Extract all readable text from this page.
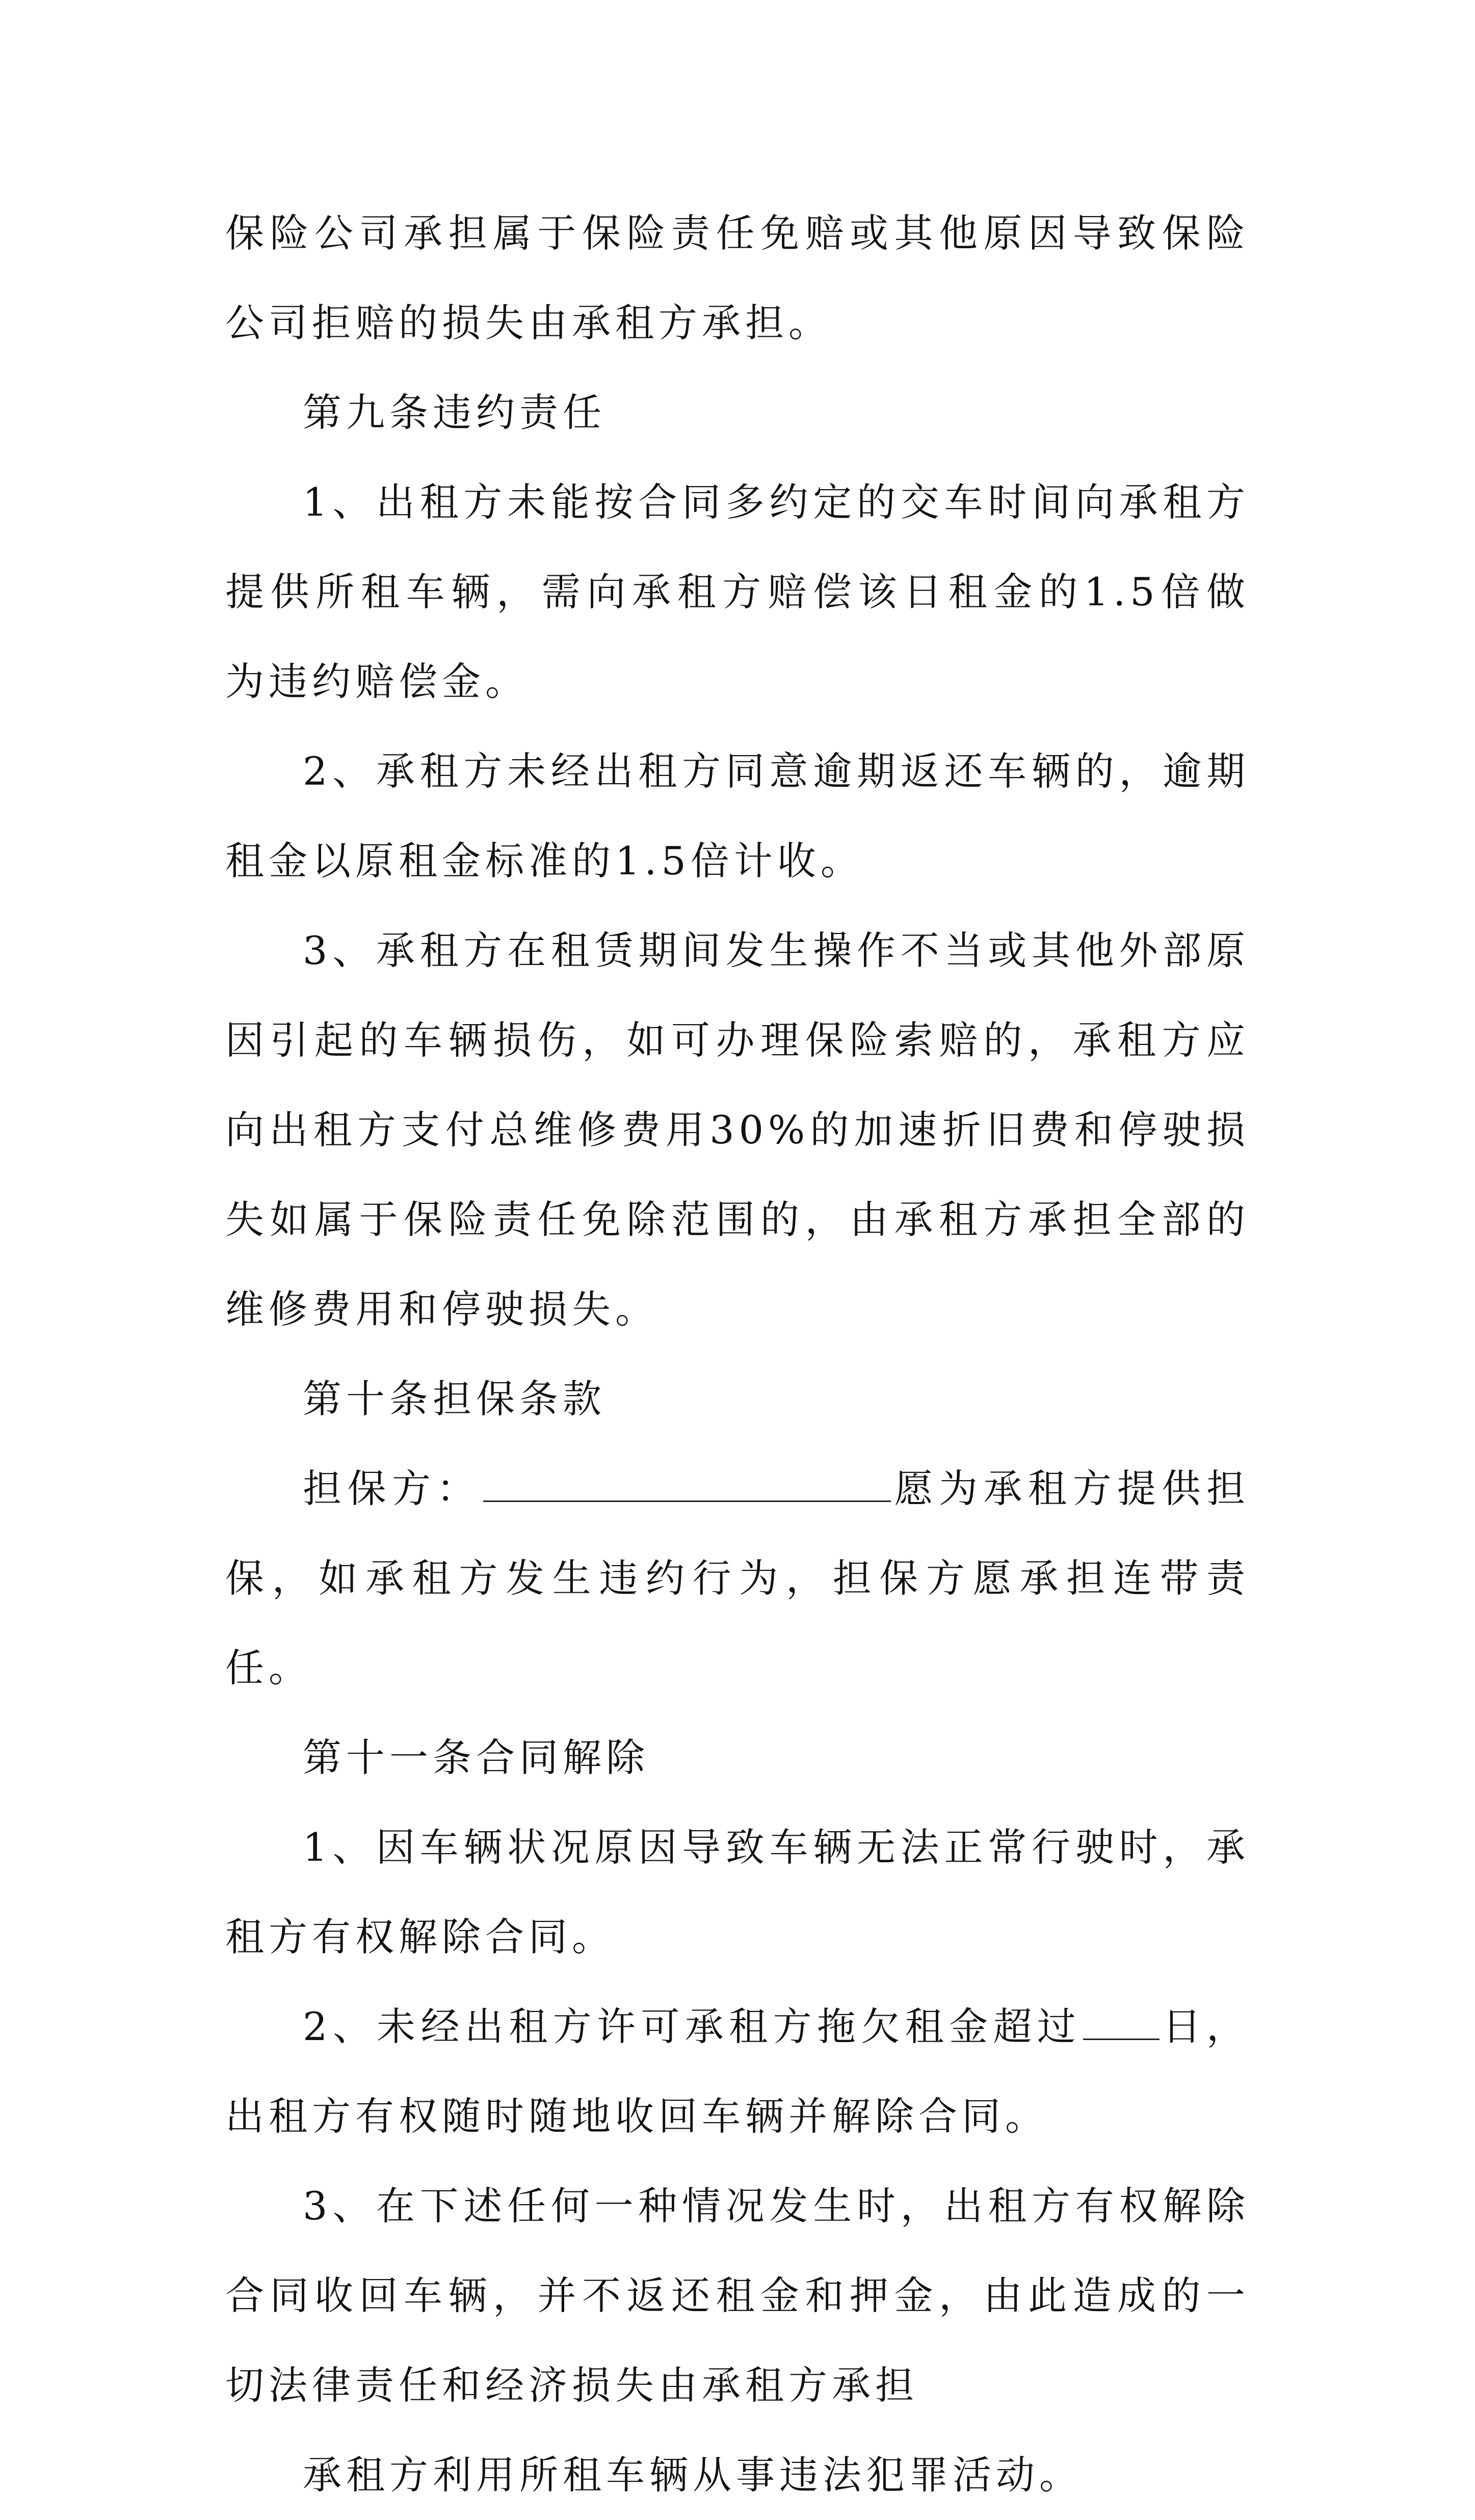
保险公司承担属于保险责任免赔或其他原因导致保险公司拒赔的损失由承租方承担。

第九条违约责任

1、出租方未能按合同多约定的交车时间向承租方提供所租车辆，需向承租方赔偿该日租金的1.5倍做为违约赔偿金。

2、承租方未经出租方同意逾期返还车辆的，逾期租金以原租金标准的1.5倍计收。

3、承租方在租赁期间发生操作不当或其他外部原因引起的车辆损伤，如可办理保险索赔的，承租方应向出租方支付总维修费用30%的加速折旧费和停驶损失如属于保险责任免除范围的，由承租方承担全部的维修费用和停驶损失。

第十条担保条款

担保方：	愿为承租方提供担保，如承租方发生违约行为，担保方愿承担连带责任。

第十一条合同解除

1、因车辆状况原因导致车辆无法正常行驶时，承租方有权解除合同。

2、未经出租方许可承租方拖欠租金超过 日，出租方有权随时随地收回车辆并解除合同。

3、在下述任何一种情况发生时，出租方有权解除合同收回车辆，并不返还租金和押金，由此造成的一切法律责任和经济损失由承租方承担

承租方利用所租车辆从事违法犯罪活动。
